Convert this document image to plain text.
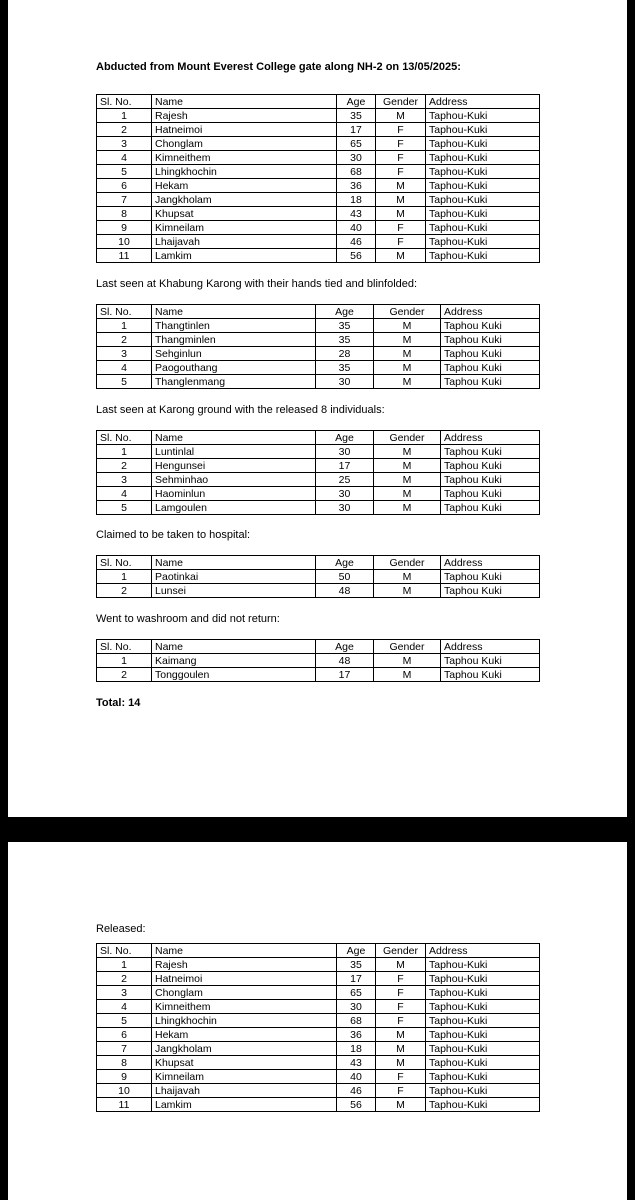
Abducted from Mount Everest College gate along NH-2 on 13/05/2025:

Sl. No.	Name	Age	Gender	Address
1	Rajesh	35	M	Taphou-Kuki
2	Hatneimoi	17	F	Taphou-Kuki
3	Chonglam	65	F	Taphou-Kuki
4	Kimneithem	30	F	Taphou-Kuki
5	Lhingkhochin	68	F	Taphou-Kuki
6	Hekam	36	M	Taphou-Kuki
7	Jangkholam	18	M	Taphou-Kuki
8	Khupsat	43	M	Taphou-Kuki
9	Kimneilam	40	F	Taphou-Kuki
10	Lhaijavah	46	F	Taphou-Kuki
11	Lamkim	56	M	Taphou-Kuki

Last seen at Khabung Karong with their hands tied and blinfolded:

Sl. No.	Name	Age	Gender	Address
1	Thangtinlen	35	M	Taphou Kuki
2	Thangminlen	35	M	Taphou Kuki
3	Sehginlun	28	M	Taphou Kuki
4	Paogouthang	35	M	Taphou Kuki
5	Thanglenmang	30	M	Taphou Kuki

Last seen at Karong ground with the released 8 individuals:

Sl. No.	Name	Age	Gender	Address
1	Luntinlal	30	M	Taphou Kuki
2	Hengunsei	17	M	Taphou Kuki
3	Sehminhao	25	M	Taphou Kuki
4	Haominlun	30	M	Taphou Kuki
5	Lamgoulen	30	M	Taphou Kuki

Claimed to be taken to hospital:

Sl. No.	Name	Age	Gender	Address
1	Paotinkai	50	M	Taphou Kuki
2	Lunsei	48	M	Taphou Kuki

Went to washroom and did not return:

Sl. No.	Name	Age	Gender	Address
1	Kaimang	48	M	Taphou Kuki
2	Tonggoulen	17	M	Taphou Kuki

Total: 14

Released:

Sl. No.	Name	Age	Gender	Address
1	Rajesh	35	M	Taphou-Kuki
2	Hatneimoi	17	F	Taphou-Kuki
3	Chonglam	65	F	Taphou-Kuki
4	Kimneithem	30	F	Taphou-Kuki
5	Lhingkhochin	68	F	Taphou-Kuki
6	Hekam	36	M	Taphou-Kuki
7	Jangkholam	18	M	Taphou-Kuki
8	Khupsat	43	M	Taphou-Kuki
9	Kimneilam	40	F	Taphou-Kuki
10	Lhaijavah	46	F	Taphou-Kuki
11	Lamkim	56	M	Taphou-Kuki
